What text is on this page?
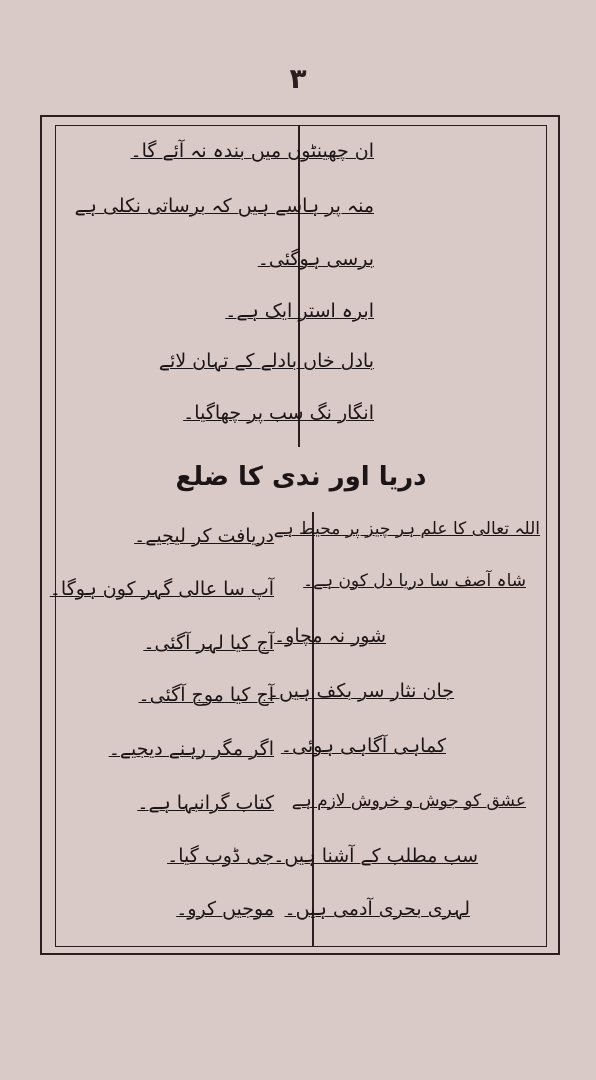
۳
ان چھینٹوں میں بندہ نہ آئے گا۔
منہ پر ہاسے ہیں کہ برساتی نکلی ہے
برسی ہوگئی۔
ابرہ استر ایک ہے۔
بادل خاں بادلے کے تہان لائے
انگار نگ سب پر چھاگیا۔
دریا اور ندی کا ضلع
اللہ تعالی کا علم ہر چیز پر محیط ہے
شاہ آصف سا دریا دل کون ہے۔
شور نہ مچاو۔
جان نثار سر بکف ہیں۔
کماہی آگاہی ہوئی۔
عشق کو جوش و خروش لازم ہے
سب مطلب کے آشنا ہیں۔
لہری بحری آدمی ہیں۔
دریافت کر لیجیے۔
آپ سا عالی گہر کون ہوگا۔
آج کیا لہر آگئی۔
آج کیا موج آگئی۔
اگر مگر رہنے دیجیے۔
کتاب گرانبہا ہے۔
جی ڈوب گیا۔
موجیں کرو۔
